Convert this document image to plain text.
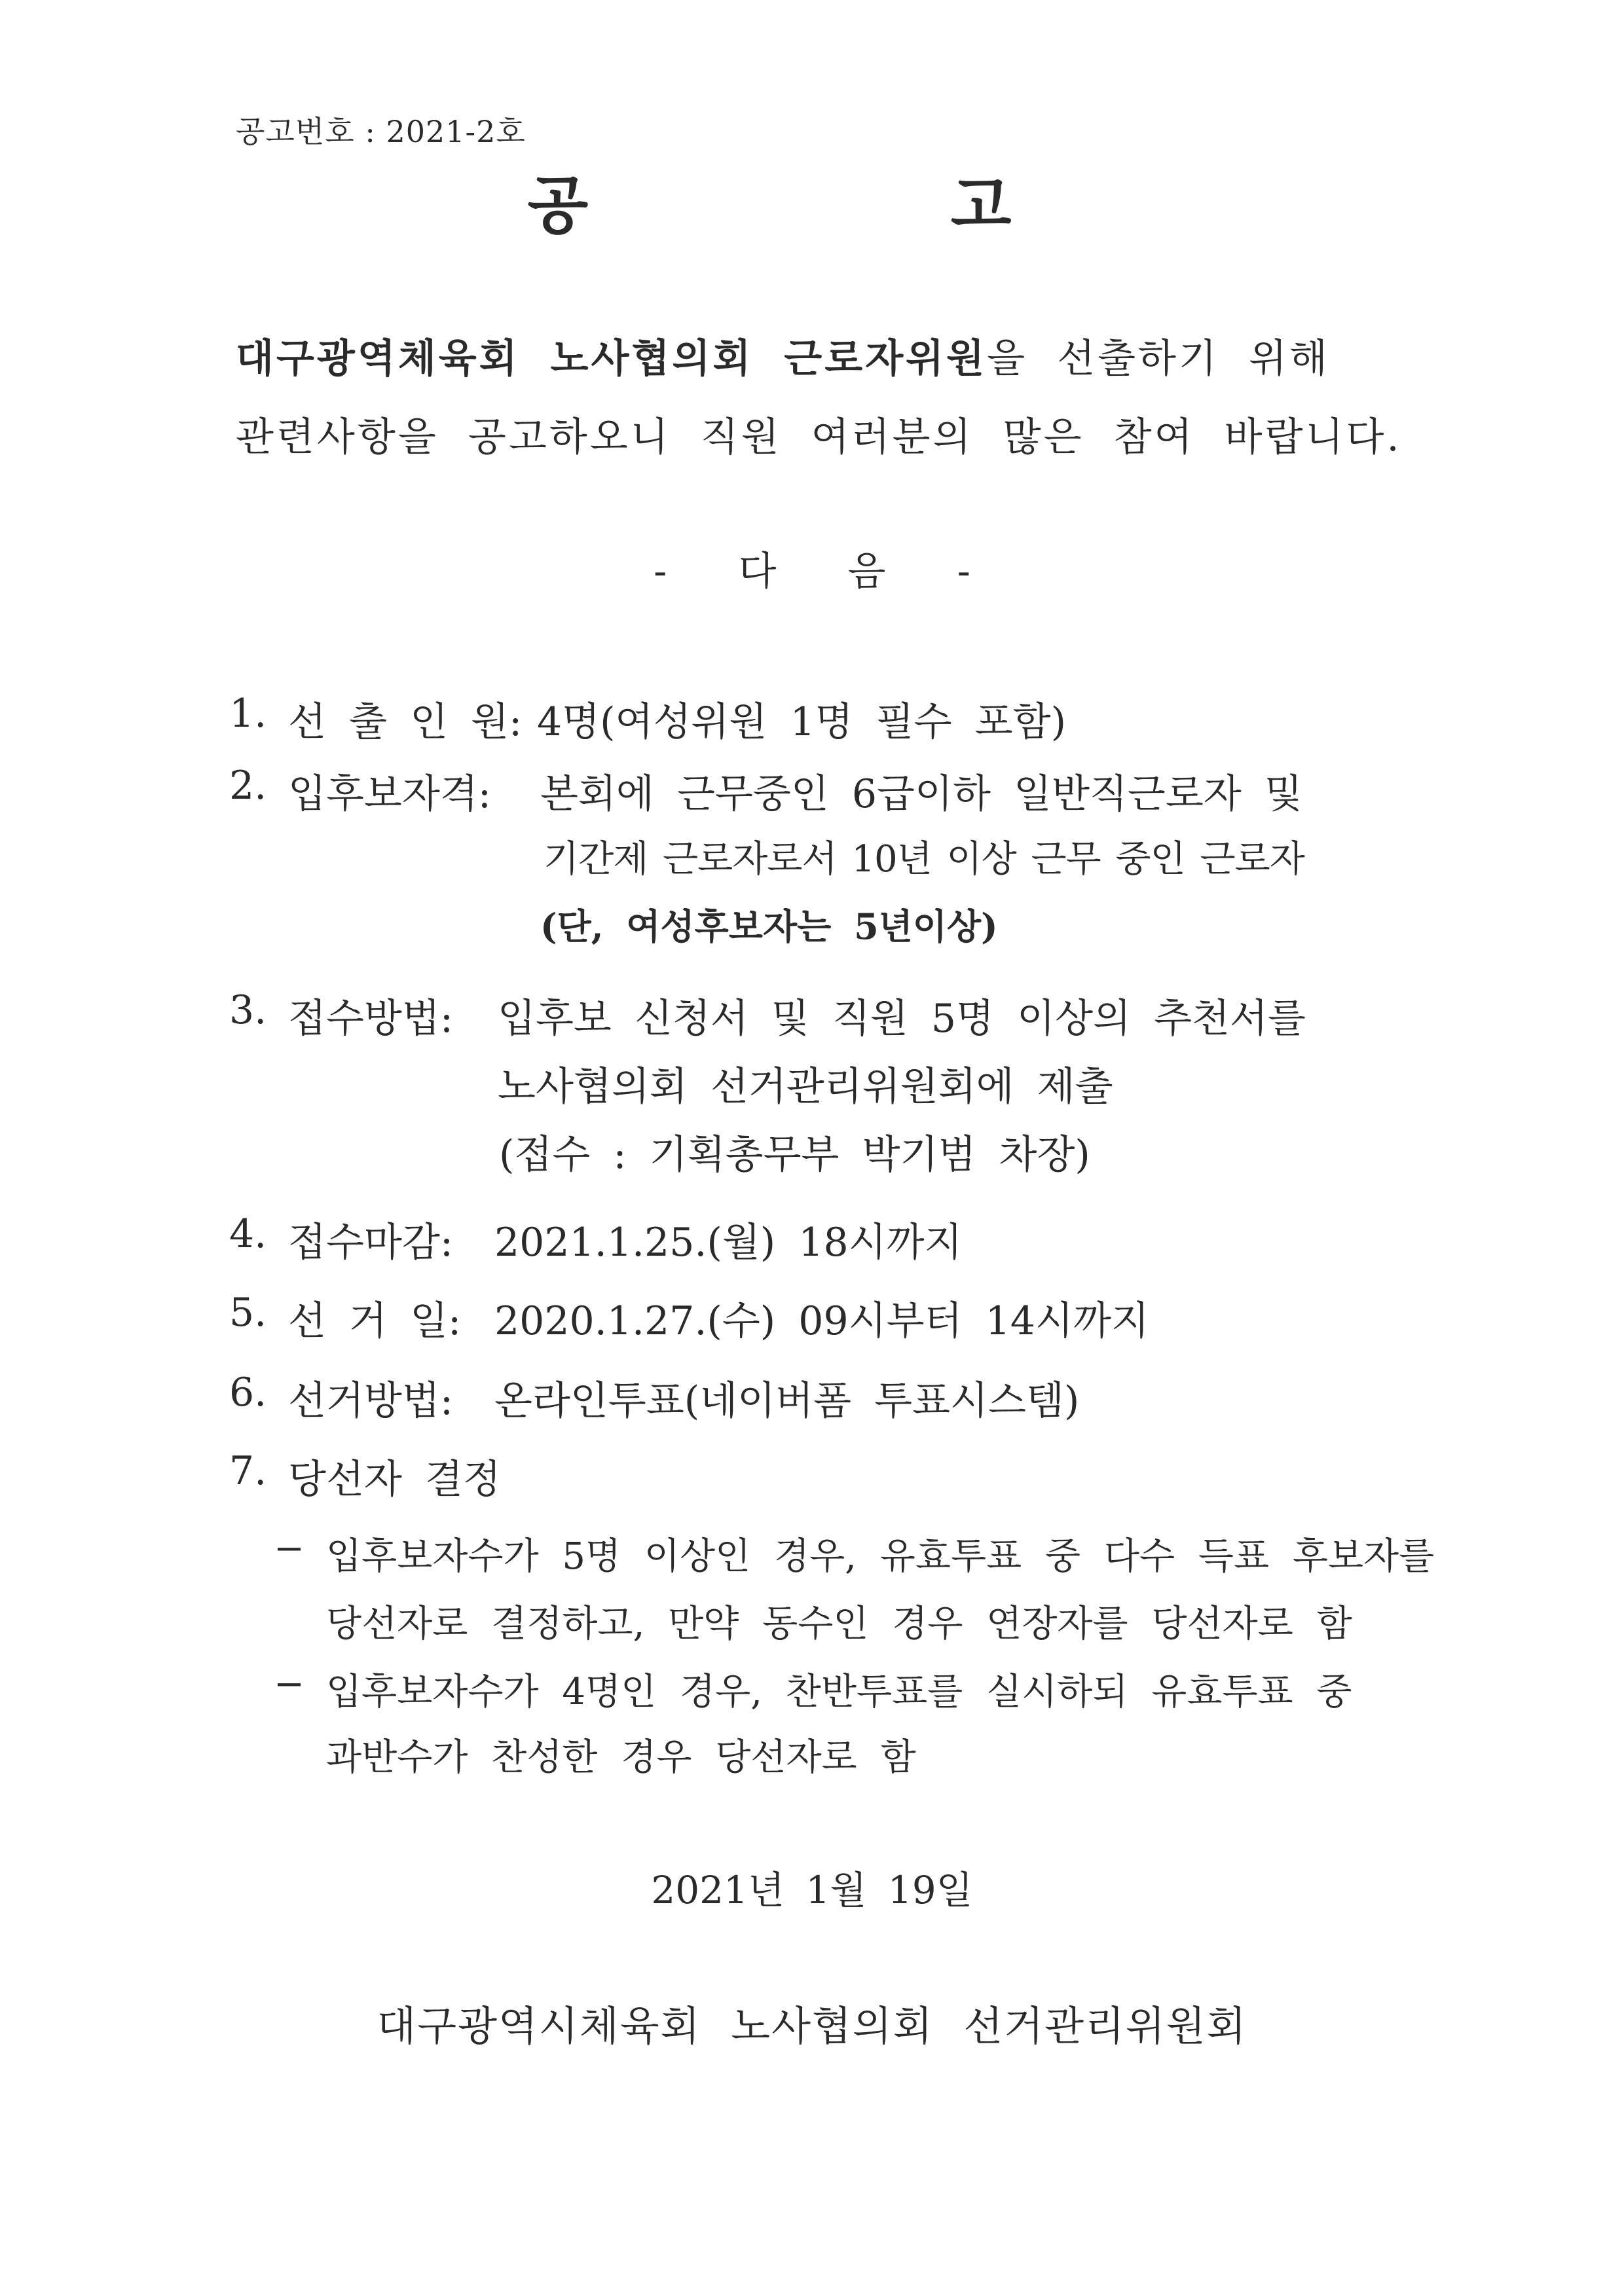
공고번호 : 2021-2호
공 고
대구광역체육회 노사협의회 근로자위원을 선출하기 위해
관련사항을 공고하오니 직원 여러분의 많은 참여 바랍니다.
- 다 음 -
1. 선 출 인 원: 4명(여성위원 1명 필수 포함)
2. 입후보자격: 본회에 근무중인 6급이하 일반직근로자 및
기간제 근로자로서 10년 이상 근무 중인 근로자
(단, 여성후보자는 5년이상)
3. 접수방법: 입후보 신청서 및 직원 5명 이상의 추천서를
노사협의회 선거관리위원회에 제출
(접수 : 기획총무부 박기범 차장)
4. 접수마감: 2021.1.25.(월) 18시까지
5. 선 거 일: 2020.1.27.(수) 09시부터 14시까지
6. 선거방법: 온라인투표(네이버폼 투표시스템)
7. 당선자 결정
− 입후보자수가 5명 이상인 경우, 유효투표 중 다수 득표 후보자를
당선자로 결정하고, 만약 동수인 경우 연장자를 당선자로 함
− 입후보자수가 4명인 경우, 찬반투표를 실시하되 유효투표 중
과반수가 찬성한 경우 당선자로 함
2021년 1월 19일
대구광역시체육회 노사협의회 선거관리위원회
